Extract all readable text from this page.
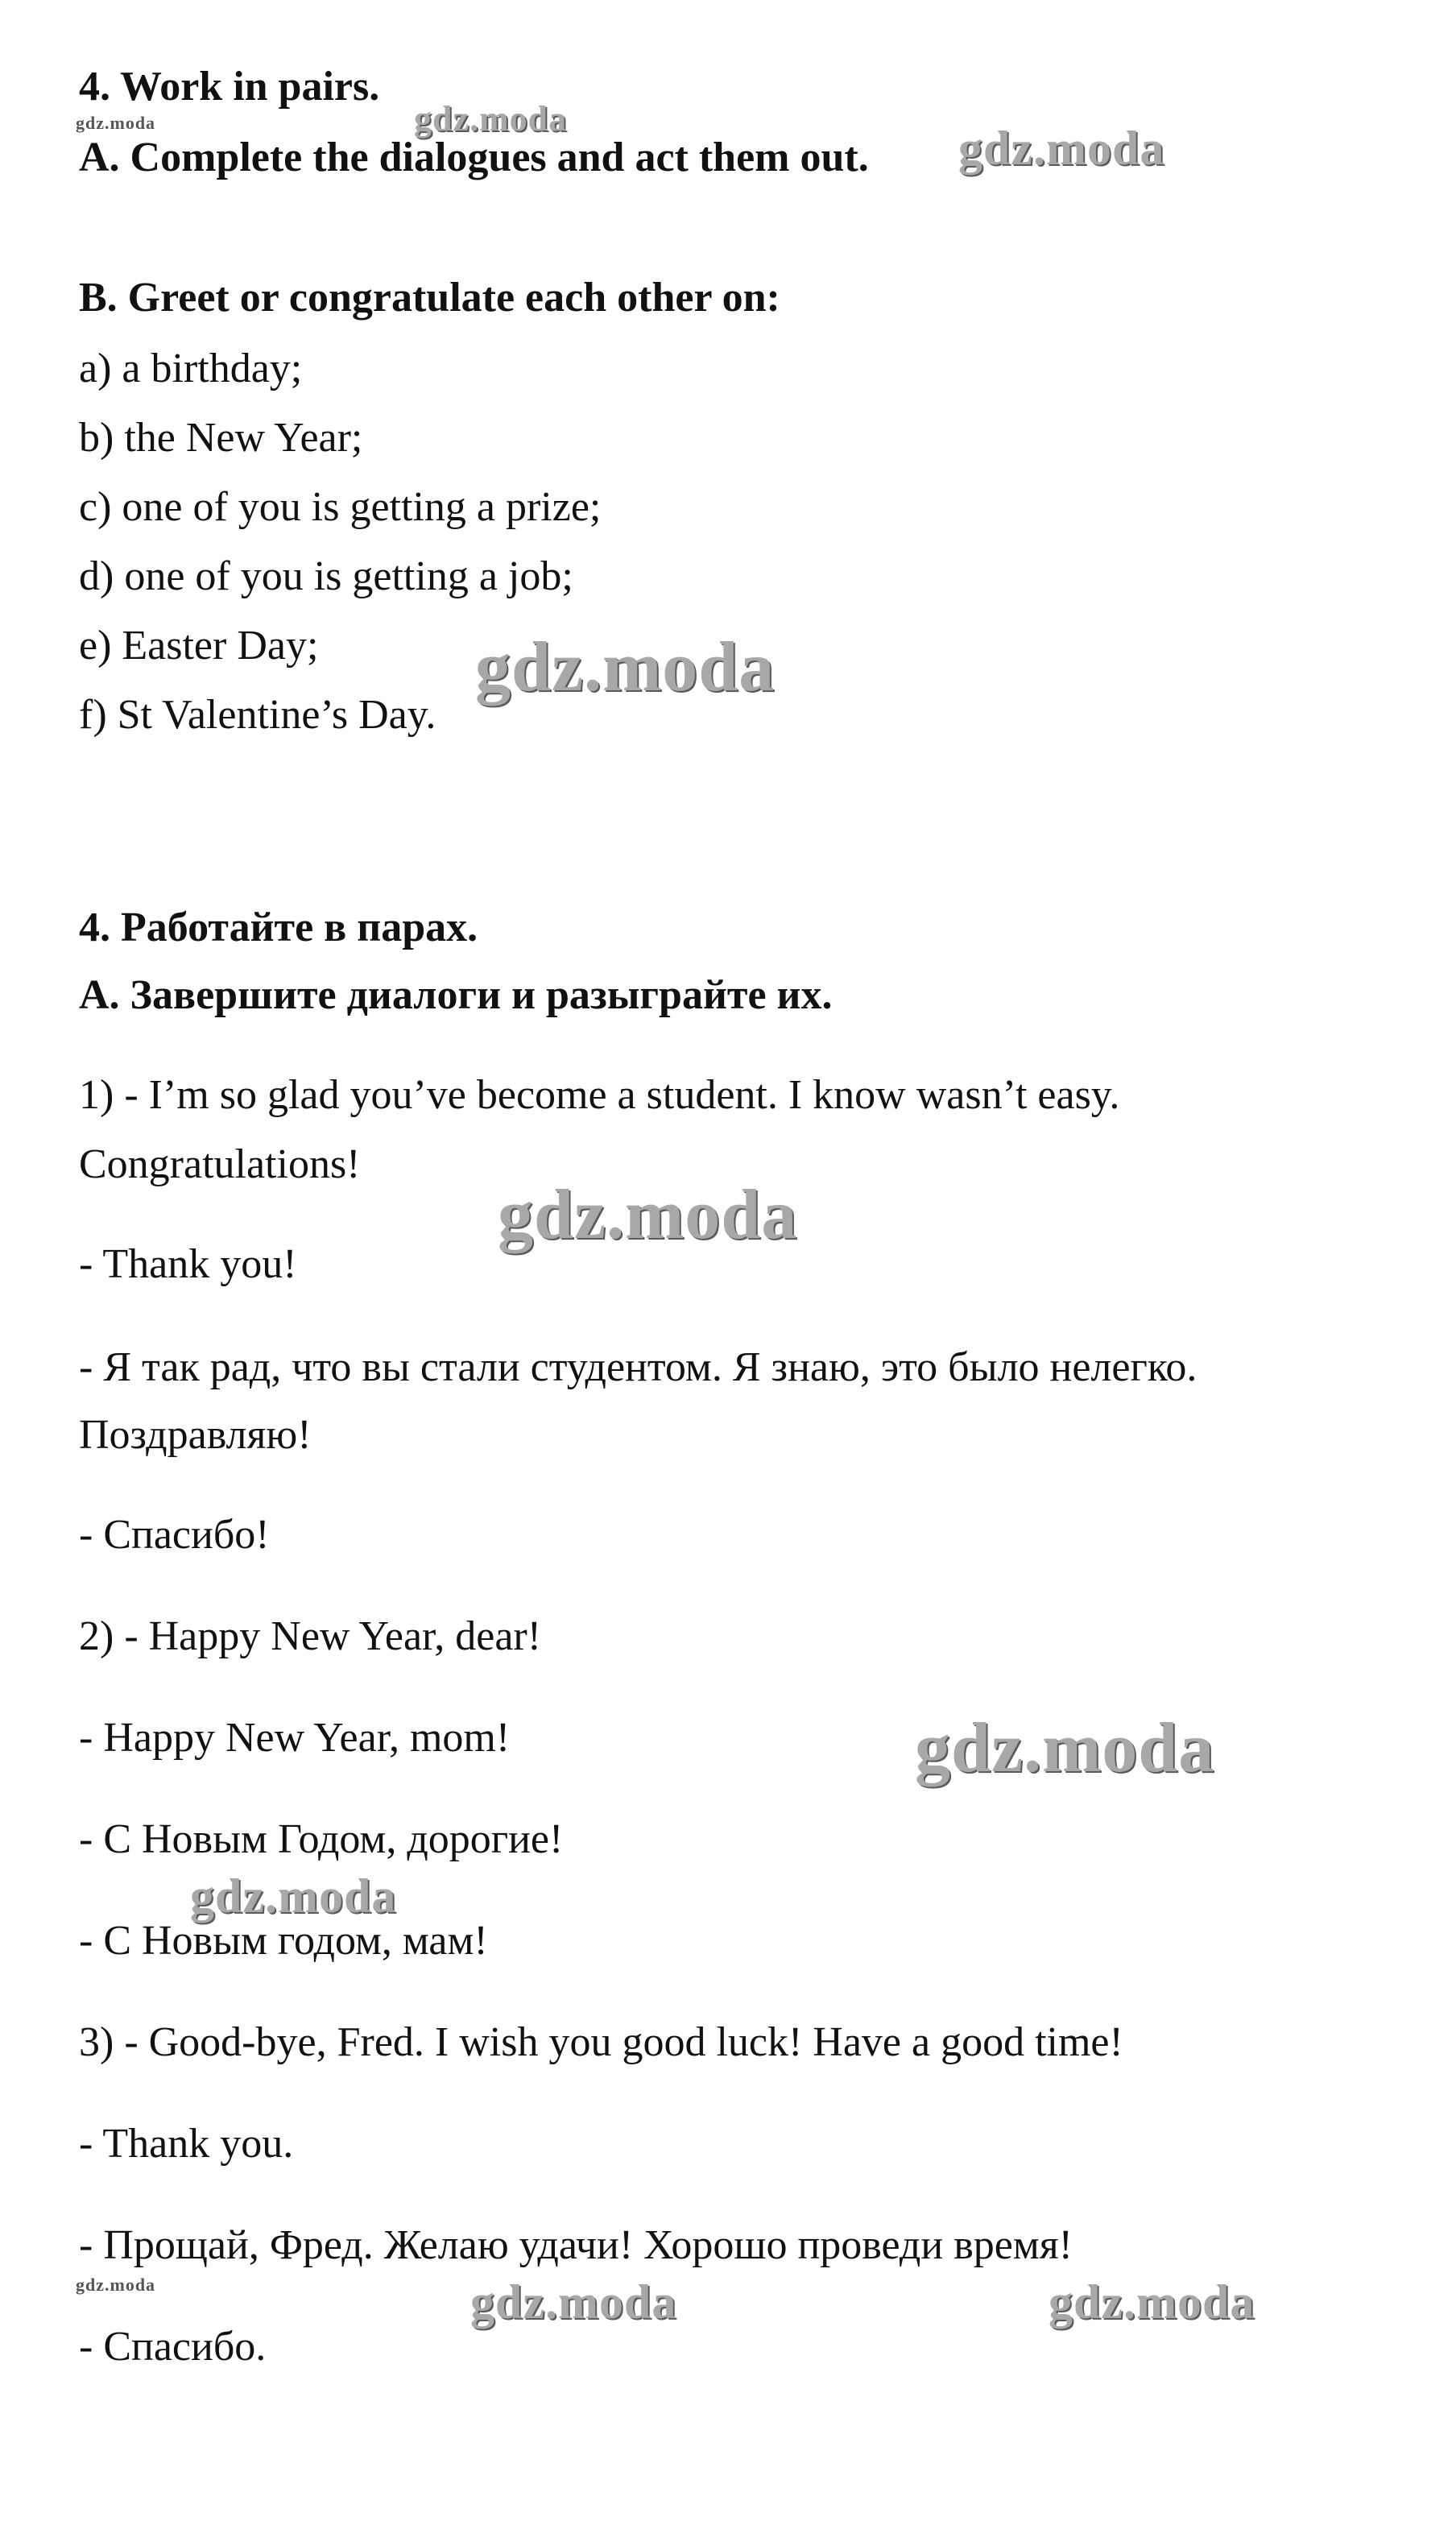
4. Work in pairs.
A. Complete the dialogues and act them out.
B. Greet or congratulate each other on:
a) a birthday;
b) the New Year;
c) one of you is getting a prize;
d) one of you is getting a job;
e) Easter Day;
f) St Valentine’s Day.
4. Работайте в парах.
А. Завершите диалоги и разыграйте их.
1) - I’m so glad you’ve become a student. I know wasn’t easy.
Congratulations!
- Thank you!
- Я так рад, что вы стали студентом. Я знаю, это было нелегко.
Поздравляю!
- Спасибо!
2) - Happy New Year, dear!
- Happy New Year, mom!
- С Новым Годом, дорогие!
- С Новым годом, мам!
3) - Good-bye, Fred. I wish you good luck! Have a good time!
- Thank you.
- Прощай, Фред. Желаю удачи! Хорошо проведи время!
- Спасибо.
gdz.moda	gdz.moda
gdz.moda
gdz.moda
gdz.moda
gdz.moda
gdz.moda
gdz.moda	gdz.moda	gdz.moda
